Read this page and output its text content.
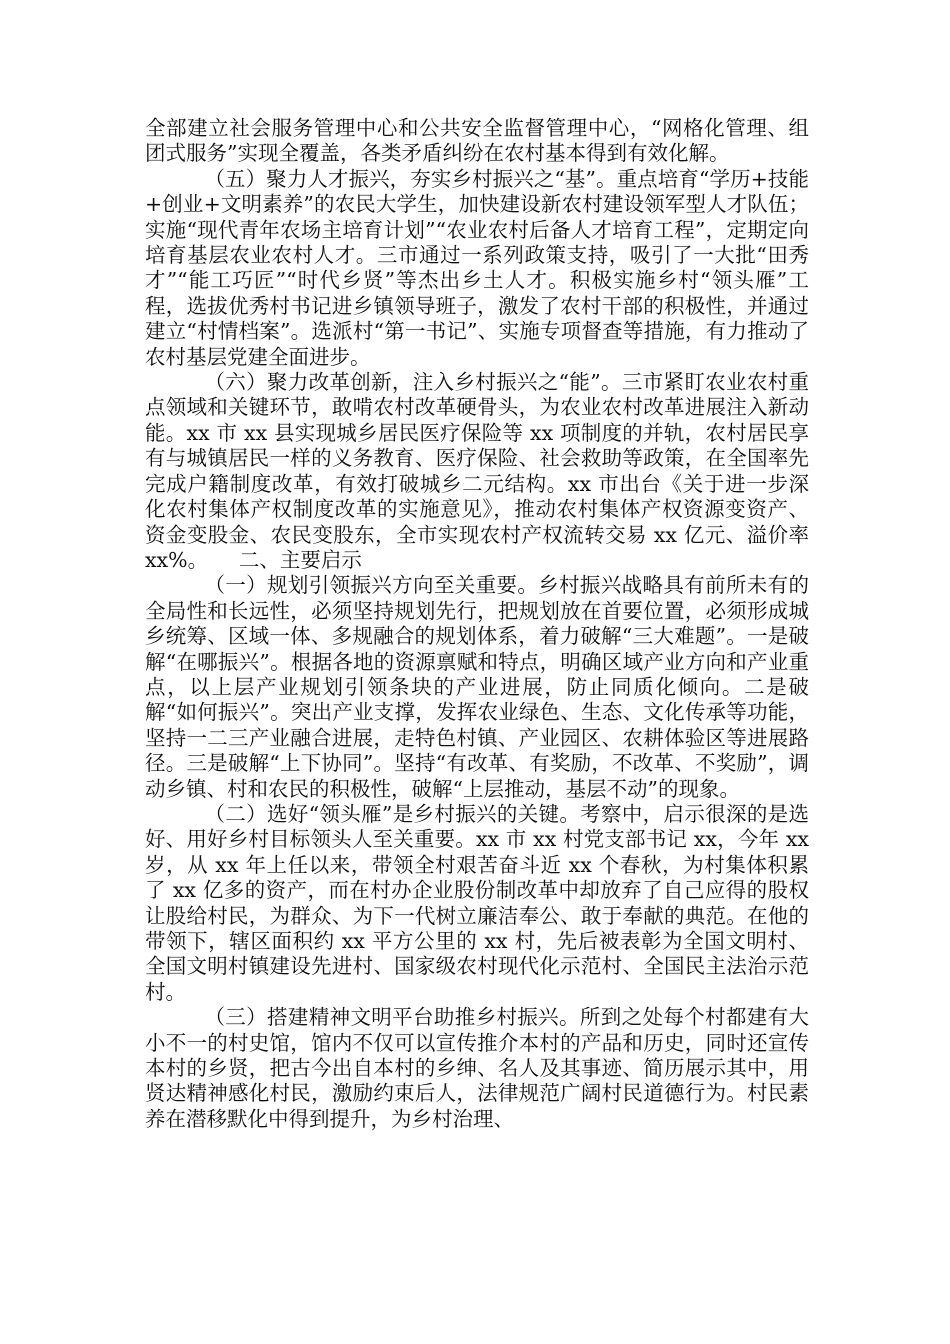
全部建立社会服务管理中心和公共安全监督管理中心，“网格化管理、组团式服务”实现全覆盖，各类矛盾纠纷在农村基本得到有效化解。

（五）聚力人才振兴，夯实乡村振兴之“基”。重点培育“学历+技能+创业+文明素养”的农民大学生，加快建设新农村建设领军型人才队伍；实施“现代青年农场主培育计划”“农业农村后备人才培育工程”，定期定向培育基层农业农村人才。三市通过一系列政策支持，吸引了一大批“田秀才”“能工巧匠”“时代乡贤”等杰出乡土人才。积极实施乡村“领头雁”工程，选拔优秀村书记进乡镇领导班子，激发了农村干部的积极性，并通过建立“村情档案”。选派村“第一书记”、实施专项督查等措施，有力推动了农村基层党建全面进步。

（六）聚力改革创新，注入乡村振兴之“能”。三市紧盯农业农村重点领域和关键环节，敢啃农村改革硬骨头，为农业农村改革进展注入新动能。xx 市 xx 县实现城乡居民医疗保险等 xx 项制度的并轨，农村居民享有与城镇居民一样的义务教育、医疗保险、社会救助等政策，在全国率先完成户籍制度改革，有效打破城乡二元结构。xx 市出台《关于进一步深化农村集体产权制度改革的实施意见》，推动农村集体产权资源变资产、资金变股金、农民变股东，全市实现农村产权流转交易 xx 亿元、溢价率 xx%。　　二、主要启示

（一）规划引领振兴方向至关重要。乡村振兴战略具有前所未有的全局性和长远性，必须坚持规划先行，把规划放在首要位置，必须形成城乡统筹、区域一体、多规融合的规划体系，着力破解“三大难题”。一是破解“在哪振兴”。根据各地的资源禀赋和特点，明确区域产业方向和产业重点，以上层产业规划引领条块的产业进展，防止同质化倾向。二是破解“如何振兴”。突出产业支撑，发挥农业绿色、生态、文化传承等功能，坚持一二三产业融合进展，走特色村镇、产业园区、农耕体验区等进展路径。三是破解“上下协同”。坚持“有改革、有奖励，不改革、不奖励”，调动乡镇、村和农民的积极性，破解“上层推动，基层不动”的现象。

（二）选好“领头雁”是乡村振兴的关键。考察中，启示很深的是选好、用好乡村目标领头人至关重要。xx 市 xx 村党支部书记 xx，今年 xx 岁，从 xx 年上任以来，带领全村艰苦奋斗近 xx 个春秋，为村集体积累了 xx 亿多的资产，而在村办企业股份制改革中却放弃了自己应得的股权让股给村民，为群众、为下一代树立廉洁奉公、敢于奉献的典范。在他的带领下，辖区面积约 xx 平方公里的 xx 村，先后被表彰为全国文明村、全国文明村镇建设先进村、国家级农村现代化示范村、全国民主法治示范村。

（三）搭建精神文明平台助推乡村振兴。所到之处每个村都建有大小不一的村史馆，馆内不仅可以宣传推介本村的产品和历史，同时还宣传本村的乡贤，把古今出自本村的乡绅、名人及其事迹、简历展示其中，用贤达精神感化村民，激励约束后人，法律规范广阔村民道德行为。村民素养在潜移默化中得到提升，为乡村治理、
